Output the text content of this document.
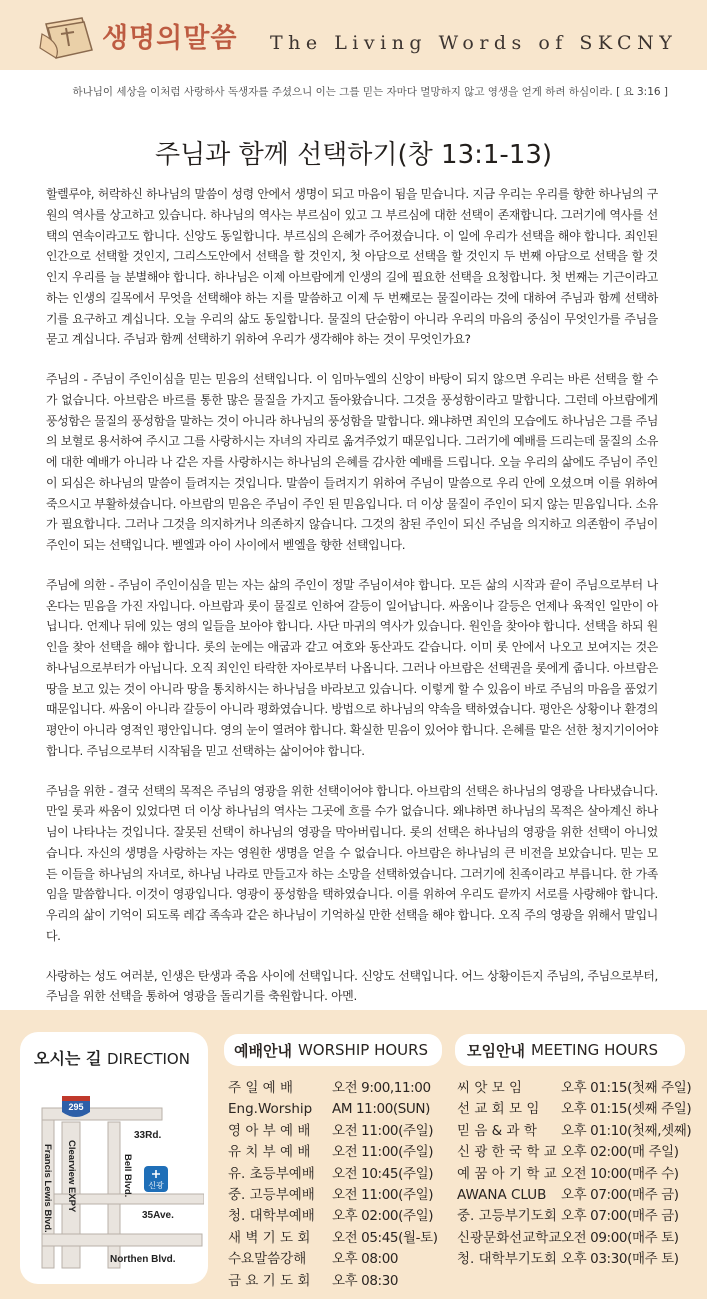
생명의말씀 The Living Words of SKCNY
하나님이 세상을 이처럼 사랑하사 독생자를 주셨으니 이는 그를 믿는 자마다 멸망하지 않고 영생을 얻게 하려 하심이라. [ 요 3:16 ]
주님과 함께 선택하기(창 13:1-13)

할렐루야, 허락하신 하나님의 말씀이 성령 안에서 생명이 되고 마음이 됨을 믿습니다. 지금 우리는 우리를 향한 하나님의 구원의 역사를 상고하고 있습니다. 하나님의 역사는 부르심이 있고 그 부르심에 대한 선택이 존재합니다. 그러기에 역사를 선택의 연속이라고도 합니다. 신앙도 동일합니다. 부르심의 은혜가 주어졌습니다. 이 일에 우리가 선택을 해야 합니다. 죄인된 인간으로 선택할 것인지, 그리스도안에서 선택을 할 것인지, 첫 아담으로 선택을 할 것인지 두 번째 아담으로 선택을 할 것인지 우리를 늘 분별해야 합니다. 하나님은 이제 아브람에게 인생의 길에 필요한 선택을 요청합니다. 첫 번째는 기근이라고 하는 인생의 길목에서 무엇을 선택해야 하는 지를 말씀하고 이제 두 번째로는 물질이라는 것에 대하여 주님과 함께 선택하기를 요구하고 계십니다. 오늘 우리의 삶도 동일합니다. 물질의 단순함이 아니라 우리의 마음의 중심이 무엇인가를 주님을 묻고 계십니다. 주님과 함께 선택하기 위하여 우리가 생각해야 하는 것이 무엇인가요?

주님의 - 주님이 주인이심을 믿는 믿음의 선택입니다. 이 임마누엘의 신앙이 바탕이 되지 않으면 우리는 바른 선택을 할 수가 없습니다. 아브람은 바르를 통한 많은 물질을 가지고 돌아왔습니다. 그것을 풍성함이라고 말합니다. 그런데 아브람에게 풍성함은 물질의 풍성함을 말하는 것이 아니라 하나님의 풍성함을 말합니다. 왜냐하면 죄인의 모습에도 하나님은 그를 주님의 보혈로 용서하여 주시고 그를 사랑하시는 자녀의 자리로 옮겨주었기 때문입니다. 그러기에 예배를 드리는데 물질의 소유에 대한 예배가 아니라 나 같은 자를 사랑하시는 하나님의 은혜를 감사한 예배를 드립니다. 오늘 우리의 삶에도 주님이 주인이 되심은 하나님의 말씀이 들려지는 것입니다. 말씀이 들려지기 위하여 주님이 말씀으로 우리 안에 오셨으며 이를 위하여 죽으시고 부활하셨습니다. 아브람의 믿음은 주님이 주인 된 믿음입니다. 더 이상 물질이 주인이 되지 않는 믿음입니다. 소유가 필요합니다. 그러나 그것을 의지하거나 의존하지 않습니다. 그것의 참된 주인이 되신 주님을 의지하고 의존함이 주님이 주인이 되는 선택입니다. 벧엘과 아이 사이에서 벧엘을 향한 선택입니다.

주님에 의한 - 주님이 주인이심을 믿는 자는 삶의 주인이 정말 주님이셔야 합니다. 모든 삶의 시작과 끝이 주님으로부터 나온다는 믿음을 가진 자입니다. 아브람과 롯이 물질로 인하여 갈등이 일어납니다. 싸움이나 갈등은 언제나 육적인 일만이 아닙니다. 언제나 뒤에 있는 영의 일들을 보아야 합니다. 사단 마귀의 역사가 있습니다. 원인을 찾아야 합니다. 선택을 하되 원인을 찾아 선택을 해야 합니다. 롯의 눈에는 애굽과 같고 여호와 동산과도 같습니다. 이미 롯 안에서 나오고 보여지는 것은 하나님으로부터가 아닙니다. 오직 죄인인 타락한 자아로부터 나옵니다. 그러나 아브람은 선택권을 롯에게 줍니다. 아브람은 땅을 보고 있는 것이 아니라 땅을 통치하시는 하나님을 바라보고 있습니다. 이렇게 할 수 있음이 바로 주님의 마음을 품었기 때문입니다. 싸움이 아니라 갈등이 아니라 평화였습니다. 방법으로 하나님의 약속을 택하였습니다. 평안은 상황이나 환경의 평안이 아니라 영적인 평안입니다. 영의 눈이 열려야 합니다. 확실한 믿음이 있어야 합니다. 은혜를 맡은 선한 청지기이어야 합니다. 주님으로부터 시작됨을 믿고 선택하는 삶이어야 합니다.

주님을 위한 - 결국 선택의 목적은 주님의 영광을 위한 선택이어야 합니다. 아브람의 선택은 하나님의 영광을 나타냈습니다. 만일 롯과 싸움이 있었다면 더 이상 하나님의 역사는 그곳에 흐를 수가 없습니다. 왜냐하면 하나님의 목적은 살아계신 하나님이 나타나는 것입니다. 잘못된 선택이 하나님의 영광을 막아버립니다. 롯의 선택은 하나님의 영광을 위한 선택이 아니었습니다. 자신의 생명을 사랑하는 자는 영원한 생명을 얻을 수 없습니다. 아브람은 하나님의 큰 비전을 보았습니다. 믿는 모든 이들을 하나님의 자녀로, 하나님 나라로 만들고자 하는 소망을 선택하였습니다. 그러기에 친족이라고 부릅니다. 한 가족임을 말씀합니다. 이것이 영광입니다. 영광이 풍성함을 택하였습니다. 이를 위하여 우리도 끝까지 서로를 사랑해야 합니다. 우리의 삶이 기억이 되도록 레갑 족속과 같은 하나님이 기억하실 만한 선택을 해야 합니다. 오직 주의 영광을 위해서 말입니다.

사랑하는 성도 여러분, 인생은 탄생과 죽음 사이에 선택입니다. 신앙도 선택입니다. 어느 상황이든지 주님의, 주님으로부터, 주님을 위한 선택을 통하여 영광을 돌리기를 축원합니다. 아멘.

오시는 길 DIRECTION
295
33Rd.
Bell Blvd.
Clearview EXPY
Francis Lewis Blvd.	35Ave.
Northen Blvd.
신광
예배안내 WORSHIP HOURS	모임안내 MEETING HOURS
주 일 예 배	오전 9:00,11:00
Eng.Worship	AM 11:00(SUN)
영 아 부 예 배	오전 11:00(주일)
유 치 부 예 배	오전 11:00(주일)
유. 초등부예배	오전 10:45(주일)
중. 고등부예배	오전 11:00(주일)
청. 대학부예배	오후 02:00(주일)
새 벽 기 도 회	오전 05:45(월-토)
수요말씀강해	오후 08:00
금 요 기 도 회	오후 08:30
씨 앗 모 임	오후 01:15(첫째 주일)
선 교 회 모 임	오후 01:15(셋째 주일)
믿 음 & 과 학	오후 01:10(첫째,셋째)
신 광 한 국 학 교 오후 02:00(매 주일)
예 꿈 아 기 학 교 오전 10:00(매주 수)
AWANA CLUB	오후 07:00(매주 금)
중. 고등부기도회 오후 07:00(매주 금)
신광문화선교학교 오전 09:00(매주 토)
청. 대학부기도회 오후 03:30(매주 토)
